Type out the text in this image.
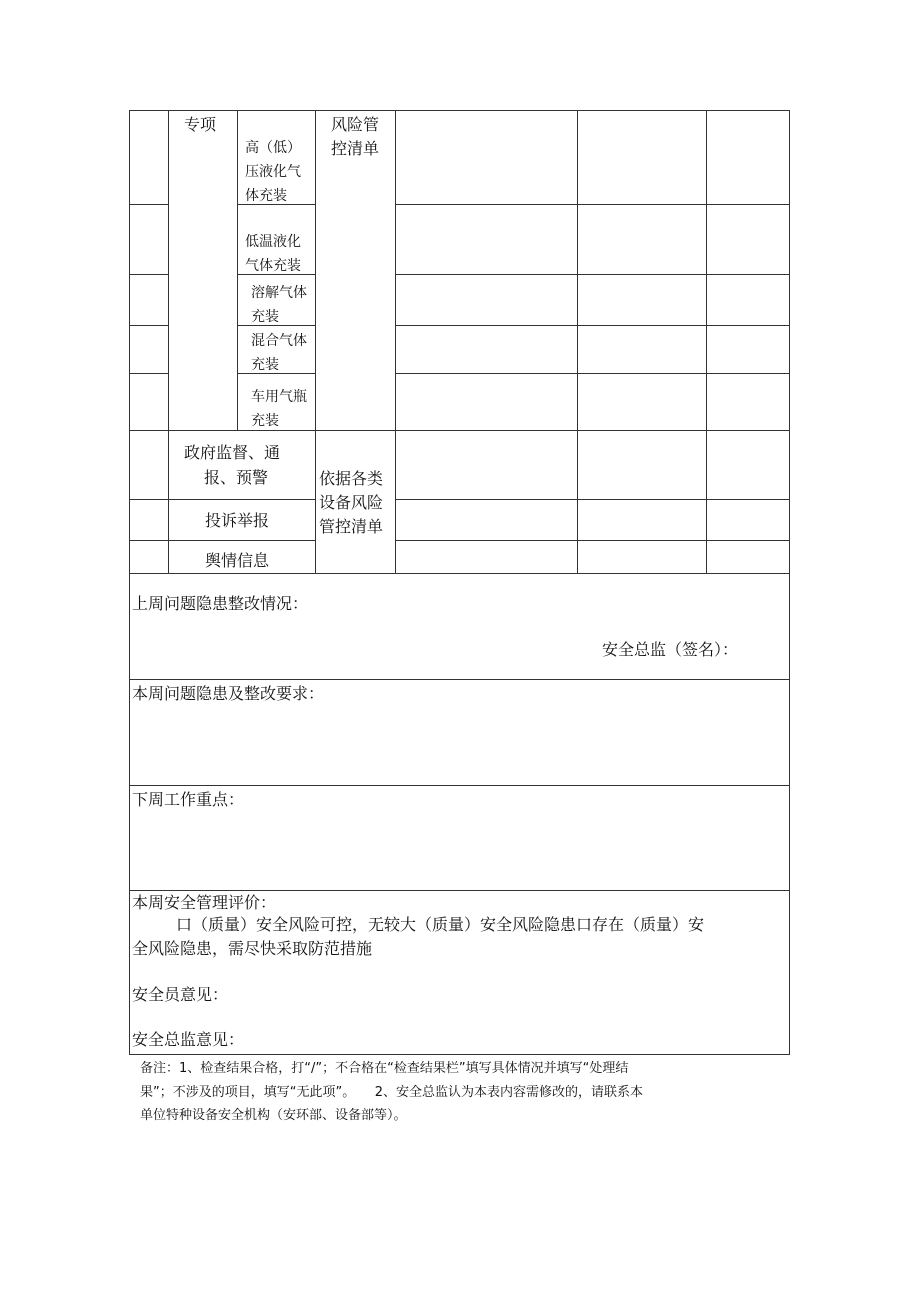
专项	风险管控清单
高（低）
压液化气
体充装
低温液化
气体充装
溶解气体
充装
混合气体
充装
车用气瓶
充装
政府监督、通
报、预警
投诉举报
舆情信息
依据各类
设备风险
管控清单
上周问题隐患整改情况：
安全总监（签名）：
本周问题隐患及整改要求：
下周工作重点：
本周安全管理评价：
口（质量）安全风险可控，无较大（质量）安全风险隐患口存在（质量）安
全风险隐患，需尽快采取防范措施
安全员意见：
安全总监意见：
备注：1、检查结果合格，打“/”；不合格在“检查结果栏”填写具体情况并填写“处理结
果”；不涉及的项目，填写“无此项”。　　2、安全总监认为本表内容需修改的，请联系本
单位特种设备安全机构（安环部、设备部等）。
